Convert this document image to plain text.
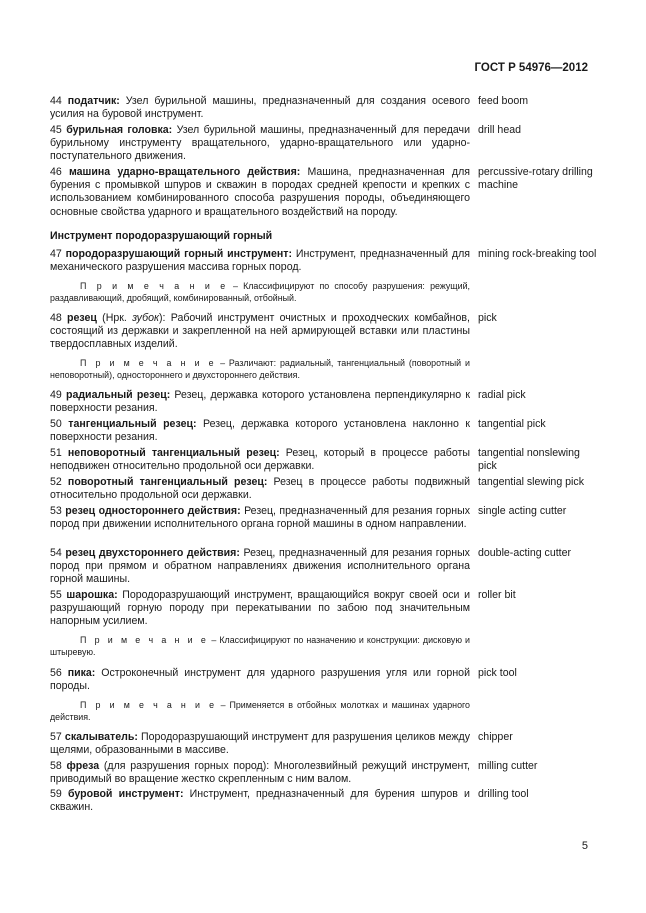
ГОСТ Р 54976—2012
44 податчик: Узел бурильной машины, предназначенный для создания осевого усилия на буровой инструмент.
feed boom
45 бурильная головка: Узел бурильной машины, предназначенный для передачи бурильному инструменту вращательного, ударно-вращательного или ударно-поступательного движения.
drill head
46 машина ударно-вращательного действия: Машина, предназначенная для бурения с промывкой шпуров и скважин в породах средней крепости и крепких с использованием комбинированного способа разрушения породы, объединяющего основные свойства ударного и вращательного воздействий на породу.
percussive-rotary drilling machine
Инструмент породоразрушающий горный
47 породоразрушающий горный инструмент: Инструмент, предназначенный для механического разрушения массива горных пород.
mining rock-breaking tool
П р и м е ч а н и е – Классифицируют по способу разрушения: режущий, раздавливающий, дробящий, комбинированный, отбойный.
48 резец (Нрк. зубок): Рабочий инструмент очистных и проходческих комбайнов, состоящий из державки и закрепленной на ней армирующей вставки или пластины твердосплавных изделий.
pick
П р и м е ч а н и е – Различают: радиальный, тангенциальный (поворотный и неповоротный), одностороннего и двухстороннего действия.
49 радиальный резец: Резец, державка которого установлена перпендикулярно к поверхности резания.
radial pick
50 тангенциальный резец: Резец, державка которого установлена наклонно к поверхности резания.
tangential pick
51 неповоротный тангенциальный резец: Резец, который в процессе работы неподвижен относительно продольной оси державки.
tangential nonslewing pick
52 поворотный тангенциальный резец: Резец в процессе работы подвижный относительно продольной оси державки.
tangential slewing pick
53 резец одностороннего действия: Резец, предназначенный для резания горных пород при движении исполнительного органа горной машины в одном направлении.
single acting cutter
54 резец двухстороннего действия: Резец, предназначенный для резания горных пород при прямом и обратном направлениях движения исполнительного органа горной машины.
double-acting cutter
55 шарошка: Породоразрушающий инструмент, вращающийся вокруг своей оси и разрушающий горную породу при перекатывании по забою под значительным напорным усилием.
roller bit
П р и м е ч а н и е – Классифицируют по назначению и конструкции: дисковую и штыревую.
56 пика: Остроконечный инструмент для ударного разрушения угля или горной породы.
pick tool
П р и м е ч а н и е – Применяется в отбойных молотках и машинах ударного действия.
57 скалыватель: Породоразрушающий инструмент для разрушения целиков между щелями, образованными в массиве.
chipper
58 фреза (для разрушения горных пород): Многолезвийный режущий инструмент, приводимый во вращение жестко скрепленным с ним валом.
milling cutter
59 буровой инструмент: Инструмент, предназначенный для бурения шпуров и скважин.
drilling tool
5
